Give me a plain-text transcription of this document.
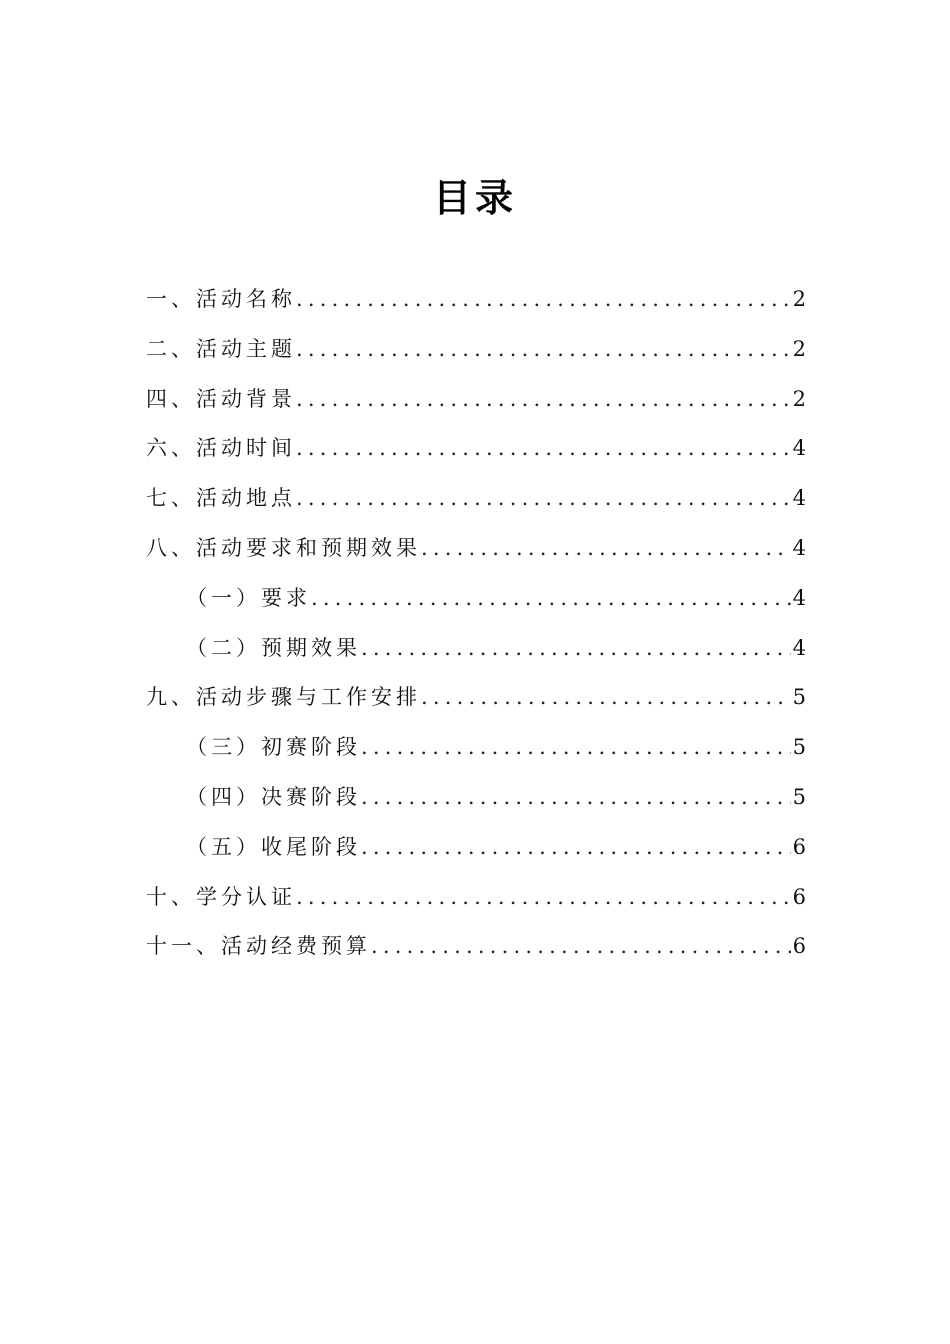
目录
一、活动名称 .....	2
二、活动主题 .....	2
四、活动背景 .....	2
六、活动时间 .....	4
七、活动地点 .....	4
八、活动要求和预期效果 .....	4
（一）要求 .....	4
（二）预期效果 .....	4
九、活动步骤与工作安排 .....	5
（三）初赛阶段 .....	5
（四）决赛阶段 .....	5
（五）收尾阶段 .....	6
十、学分认证 .....	6
十一、活动经费预算 .....	6
